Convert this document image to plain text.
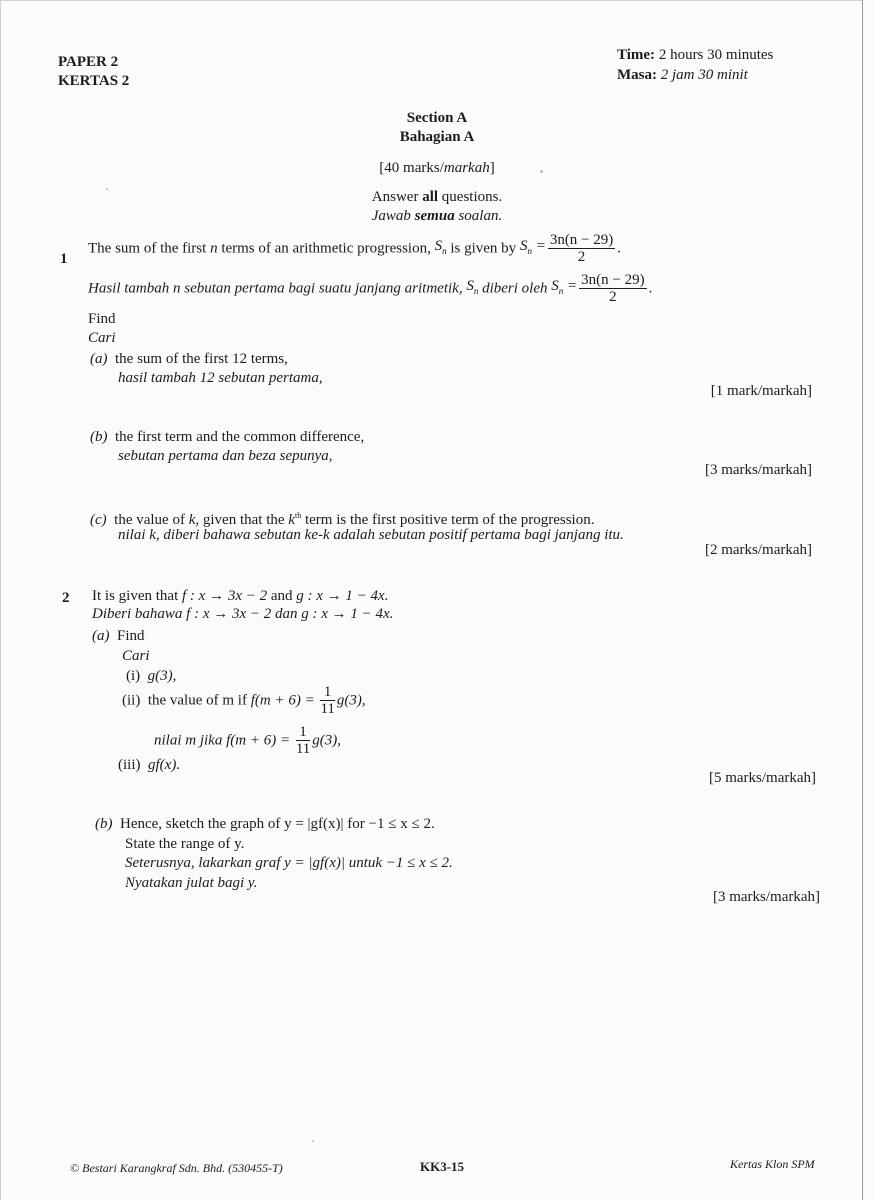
PAPER 2
KERTAS 2
Time: 2 hours 30 minutes
Masa: 2 jam 30 minit
Section A
Bahagian A
[40 marks/markah]
Answer all questions.
Jawab semua soalan.
1
The sum of the first n terms of an arithmetic progression, $S_n$ is given by $S_n = \frac{3n(n - 29)}{2}$ .
Hasil tambah n sebutan pertama bagi suatu janjang aritmetik, $S_n$ diberi oleh $S_n = \frac{3n(n - 29)}{2}$ .
Find
Cari
(a) the sum of the first 12 terms,
hasil tambah 12 sebutan pertama,
[1 mark/markah]
(b) the first term and the common difference,
sebutan pertama dan beza sepunya,
[3 marks/markah]
(c) the value of k, given that the $k^{th}$ term is the first positive term of the progression.
nilai k, diberi bahawa sebutan ke-k adalah sebutan positif pertama bagi janjang itu.
[2 marks/markah]
2 It is given that f : x → 3x − 2 and g : x → 1 − 4x.
Diberi bahawa f : x → 3x − 2 dan g : x → 1 − 4x.
(a) Find
Cari
(i) g(3),
(ii) the value of m if $f(m + 6) = \frac{1}{11} g(3)$,
nilai m jika $f(m + 6) = \frac{1}{11} g(3)$,
(iii) gf(x).
[5 marks/markah]
(b) Hence, sketch the graph of y = |gf(x)| for −1 ≤ x ≤ 2.
State the range of y.
Seterusnya, lakarkan graf y = |gf(x)| untuk −1 ≤ x ≤ 2.
Nyatakan julat bagi y.
[3 marks/markah]
© Bestari Karangkraf Sdn. Bhd. (530455-T)	KK3-15	Kertas Klon SPM
